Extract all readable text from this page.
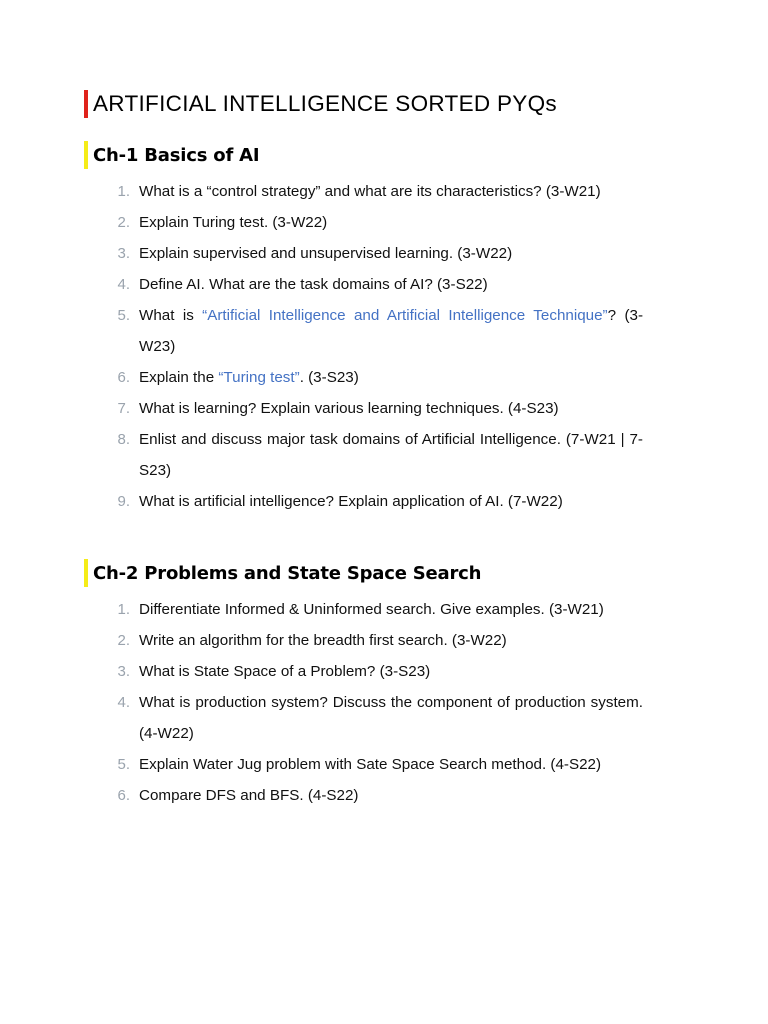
ARTIFICIAL INTELLIGENCE SORTED PYQs
Ch-1 Basics of AI
1. What is a “control strategy” and what are its characteristics? (3-W21)
2. Explain Turing test. (3-W22)
3. Explain supervised and unsupervised learning. (3-W22)
4. Define AI. What are the task domains of AI? (3-S22)
5. What is “Artificial Intelligence and Artificial Intelligence Technique”? (3-W23)
6. Explain the “Turing test”. (3-S23)
7. What is learning? Explain various learning techniques. (4-S23)
8. Enlist and discuss major task domains of Artificial Intelligence. (7-W21 | 7-S23)
9. What is artificial intelligence? Explain application of AI. (7-W22)
Ch-2 Problems and State Space Search
1. Differentiate Informed & Uninformed search. Give examples. (3-W21)
2. Write an algorithm for the breadth first search. (3-W22)
3. What is State Space of a Problem? (3-S23)
4. What is production system? Discuss the component of production system. (4-W22)
5. Explain Water Jug problem with Sate Space Search method. (4-S22)
6. Compare DFS and BFS. (4-S22)
